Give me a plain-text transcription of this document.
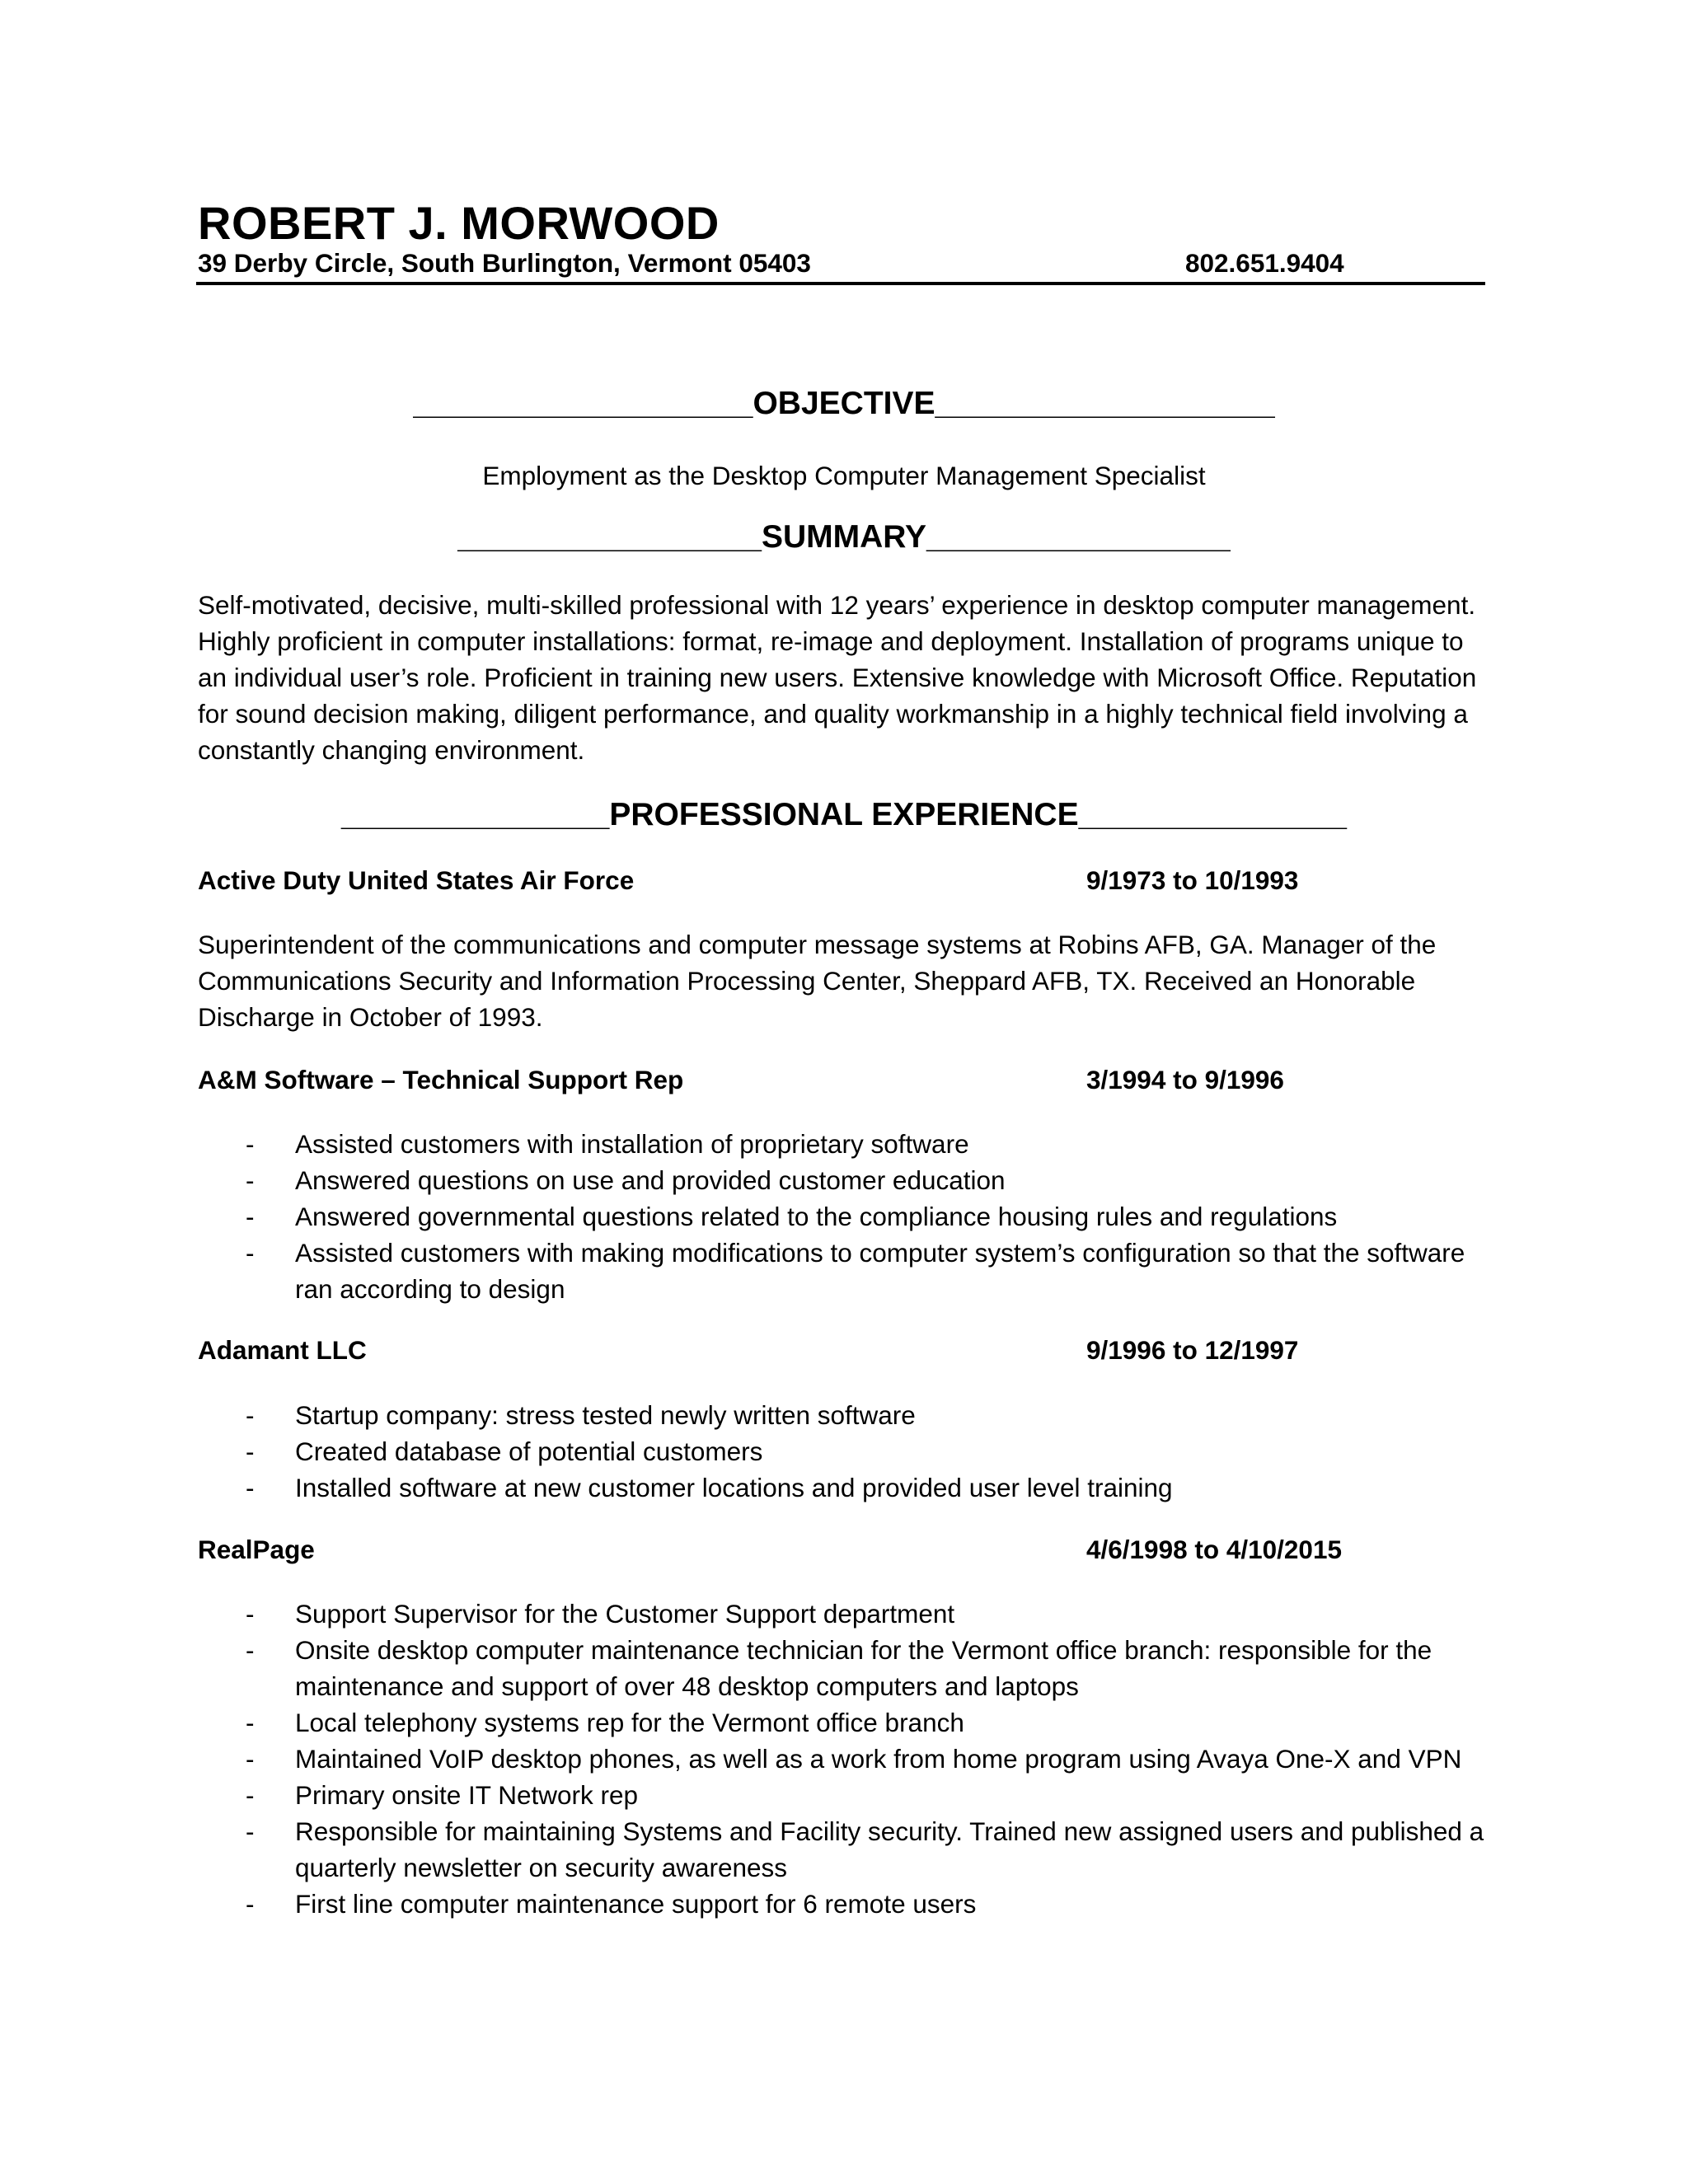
ROBERT J. MORWOOD
39 Derby Circle, South Burlington, Vermont 05403	802.651.9404
___________________OBJECTIVE___________________
Employment as the Desktop Computer Management Specialist
_________________SUMMARY_________________
Self-motivated, decisive, multi-skilled professional with 12 years’ experience in desktop computer management. Highly proficient in computer installations: format, re-image and deployment. Installation of programs unique to an individual user’s role. Proficient in training new users. Extensive knowledge with Microsoft Office. Reputation for sound decision making, diligent performance, and quality workmanship in a highly technical field involving a constantly changing environment.
_______________PROFESSIONAL EXPERIENCE_______________
Active Duty United States Air Force	9/1973 to 10/1993
Superintendent of the communications and computer message systems at Robins AFB, GA. Manager of the Communications Security and Information Processing Center, Sheppard AFB, TX. Received an Honorable Discharge in October of 1993.
A&M Software – Technical Support Rep	3/1994 to 9/1996
- Assisted customers with installation of proprietary software
- Answered questions on use and provided customer education
- Answered governmental questions related to the compliance housing rules and regulations
- Assisted customers with making modifications to computer system’s configuration so that the software ran according to design
Adamant LLC	9/1996 to 12/1997
- Startup company: stress tested newly written software
- Created database of potential customers
- Installed software at new customer locations and provided user level training
RealPage	4/6/1998 to 4/10/2015
- Support Supervisor for the Customer Support department
- Onsite desktop computer maintenance technician for the Vermont office branch: responsible for the maintenance and support of over 48 desktop computers and laptops
- Local telephony systems rep for the Vermont office branch
- Maintained VoIP desktop phones, as well as a work from home program using Avaya One-X and VPN
- Primary onsite IT Network rep
- Responsible for maintaining Systems and Facility security. Trained new assigned users and published a quarterly newsletter on security awareness
- First line computer maintenance support for 6 remote users
